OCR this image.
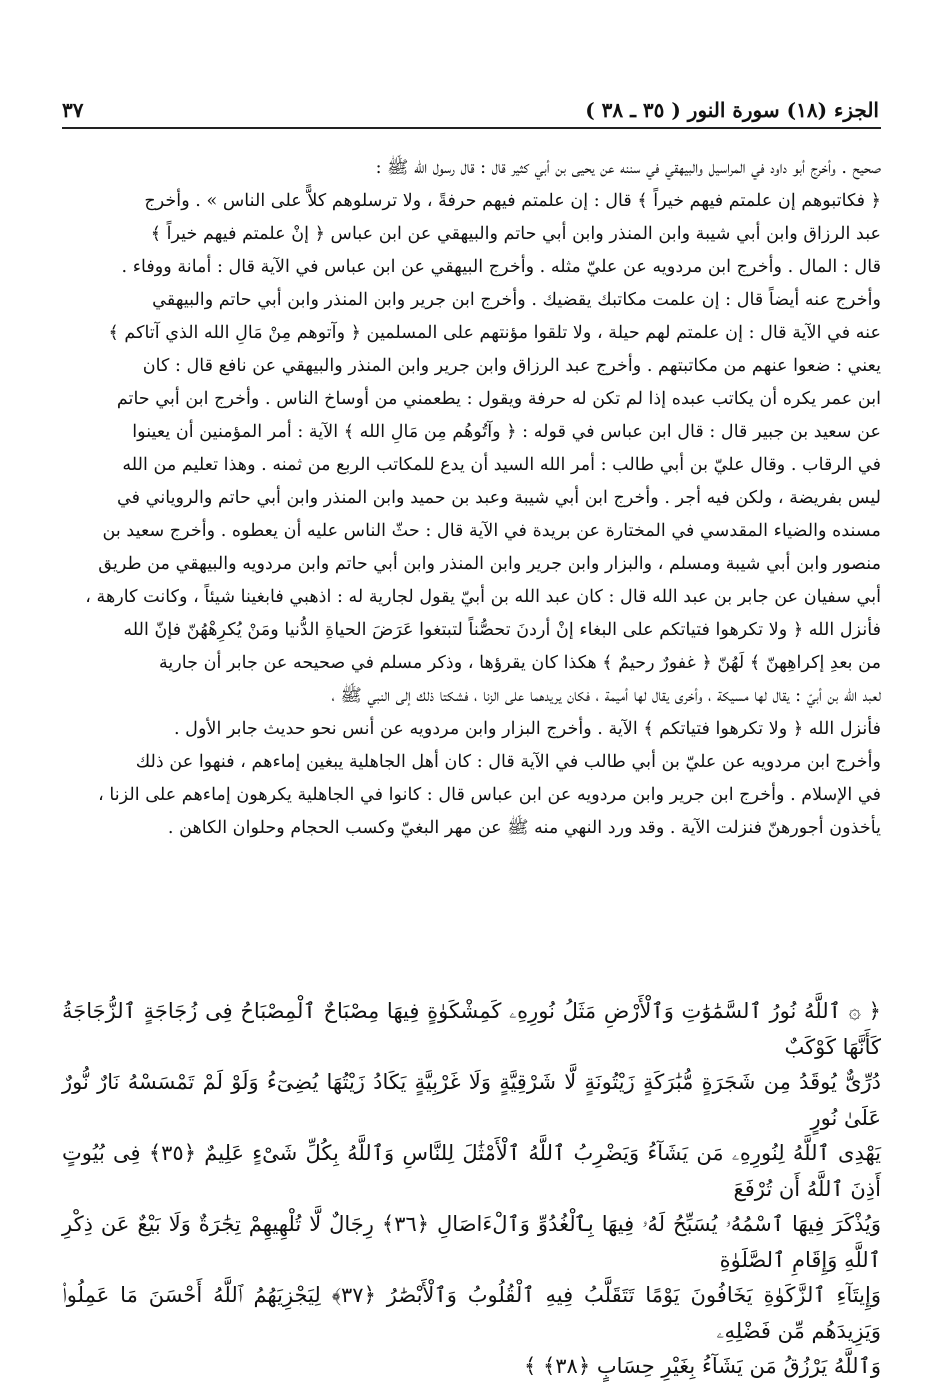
الجزء (١٨) سورة النور ( ٣٥ ـ ٣٨ )
٣٧

صحيح . وأخرج أبو داود في المراسيل والبيهقي في سننه عن يحيى بن أبي كثير قال : قال رسول الله ﷺ :

﴿ فكاتبوهم إن علمتم فيهم خيراً ﴾ قال : إن علمتم فيهم حرفةً ، ولا ترسلوهم كلاًّ على الناس » . وأخرج

عبد الرزاق وابن أبي شيبة وابن المنذر وابن أبي حاتم والبيهقي عن ابن عباس ﴿ إنْ علمتم فيهم خيراً ﴾

قال : المال . وأخرج ابن مردويه عن عليّ مثله . وأخرج البيهقي عن ابن عباس في الآية قال : أمانة ووفاء .

وأخرج عنه أيضاً قال : إن علمت مكاتبك يقضيك . وأخرج ابن جرير وابن المنذر وابن أبي حاتم والبيهقي

عنه في الآية قال : إن علمتم لهم حيلة ، ولا تلقوا مؤنتهم على المسلمين ﴿ وآتوهم مِنْ مَالِ الله الذي آتاكم ﴾

يعني : ضعوا عنهم من مكاتبتهم . وأخرج عبد الرزاق وابن جرير وابن المنذر والبيهقي عن نافع قال : كان

ابن عمر يكره أن يكاتب عبده إذا لم تكن له حرفة ويقول : يطعمني من أوساخ الناس . وأخرج ابن أبي حاتم

عن سعيد بن جبير قال : قال ابن عباس في قوله : ﴿ وآتُوهُم مِن مَالِ الله ﴾ الآية : أمر المؤمنين أن يعينوا

في الرقاب . وقال عليّ بن أبي طالب : أمر الله السيد أن يدع للمكاتب الربع من ثمنه . وهذا تعليم من الله

ليس بفريضة ، ولكن فيه أجر . وأخرج ابن أبي شيبة وعبد بن حميد وابن المنذر وابن أبي حاتم والروياني في

مسنده والضياء المقدسي في المختارة عن بريدة في الآية قال : حثّ الناس عليه أن يعطوه . وأخرج سعيد بن

منصور وابن أبي شيبة ومسلم ، والبزار وابن جرير وابن المنذر وابن أبي حاتم وابن مردويه والبيهقي من طريق

أبي سفيان عن جابر بن عبد الله قال : كان عبد الله بن أبيّ يقول لجارية له : اذهبي فابغينا شيئاً ، وكانت كارهة ،

فأنزل الله ﴿ ولا تكرهوا فتياتكم على البغاء إنْ أردنَ تحصُّناً لتبتغوا عَرَضَ الحياةِ الدُّنيا ومَنْ يُكرِهْهُنّ فإنّ الله

من بعدِ إكراهِهنّ ﴾ لَهُنّ ﴿ غفورٌ رحيمٌ ﴾ هكذا كان يقرؤها ، وذكر مسلم في صحيحه عن جابر أن جارية

لعبد الله بن أبيّ : يقال لها مسيكة ، وأخرى يقال لها أميمة ، فكان يريدهما على الزنا ، فشكتا ذلك إلى النبي ﷺ ،

فأنزل الله ﴿ ولا تكرهوا فتياتكم ﴾ الآية . وأخرج البزار وابن مردويه عن أنس نحو حديث جابر الأول .

وأخرج ابن مردويه عن عليّ بن أبي طالب في الآية قال : كان أهل الجاهلية يبغين إماءهم ، فنهوا عن ذلك

في الإسلام . وأخرج ابن جرير وابن مردويه عن ابن عباس قال : كانوا في الجاهلية يكرهون إماءهم على الزنا ،

يأخذون أجورهنّ فنزلت الآية . وقد ورد النهي منه ﷺ عن مهر البغيّ وكسب الحجام وحلوان الكاهن .

﴿ ۞ ٱللَّهُ نُورُ ٱلسَّمَٰوَٰتِ وَٱلْأَرْضِ مَثَلُ نُورِهِۦ كَمِشْكَوٰةٍ فِيهَا مِصْبَاحٌ ٱلْمِصْبَاحُ فِى زُجَاجَةٍ ٱلزُّجَاجَةُ كَأَنَّهَا كَوْكَبٌ

دُرِّىٌّ يُوقَدُ مِن شَجَرَةٍ مُّبَٰرَكَةٍ زَيْتُونَةٍ لَّا شَرْقِيَّةٍ وَلَا غَرْبِيَّةٍ يَكَادُ زَيْتُهَا يُضِىٓءُ وَلَوْ لَمْ تَمْسَسْهُ نَارٌ نُّورٌ عَلَىٰ نُورٍ

يَهْدِى ٱللَّهُ لِنُورِهِۦ مَن يَشَآءُ وَيَضْرِبُ ٱللَّهُ ٱلْأَمْثَٰلَ لِلنَّاسِ وَٱللَّهُ بِكُلِّ شَىْءٍ عَلِيمٌ ﴿٣٥﴾ فِى بُيُوتٍ أَذِنَ ٱللَّهُ أَن تُرْفَعَ

وَيُذْكَرَ فِيهَا ٱسْمُهُۥ يُسَبِّحُ لَهُۥ فِيهَا بِٱلْغُدُوِّ وَٱلْءَاصَالِ ﴿٣٦﴾ رِجَالٌ لَّا تُلْهِيهِمْ تِجَٰرَةٌ وَلَا بَيْعٌ عَن ذِكْرِ ٱللَّهِ وَإِقَامِ ٱلصَّلَوٰةِ

وَإِيتَآءِ ٱلزَّكَوٰةِ يَخَافُونَ يَوْمًا تَتَقَلَّبُ فِيهِ ٱلْقُلُوبُ وَٱلْأَبْصَٰرُ ﴿٣٧﴾ لِيَجْزِيَهُمُ ٱللَّهُ أَحْسَنَ مَا عَمِلُوا۟ وَيَزِيدَهُم مِّن فَضْلِهِۦ

وَٱللَّهُ يَرْزُقُ مَن يَشَآءُ بِغَيْرِ حِسَابٍ ﴿٣٨﴾ ﴾
